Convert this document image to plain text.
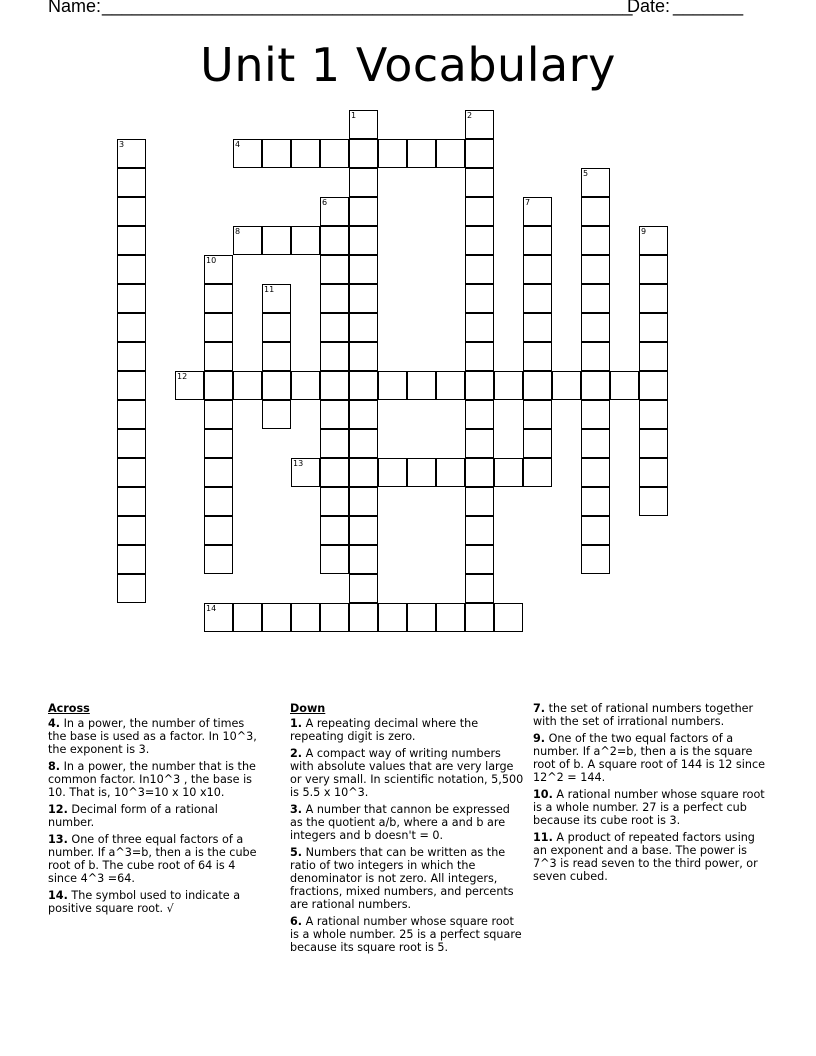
Name: _____________________________________________________
Date: _______
Unit 1 Vocabulary
1	2
3	4
5
6	7
8	9
10
11
12
13
14
Across
4. In a power, the number of times the base is used as a factor. In 10^3, the exponent is 3.
8. In a power, the number that is the common factor. In10^3 , the base is 10. That is, 10^3=10 x 10 x10.
12. Decimal form of a rational number.
13. One of three equal factors of a number. If a^3=b, then a is the cube root of b. The cube root of 64 is 4 since 4^3 =64.
14. The symbol used to indicate a positive square root. √
Down
1. A repeating decimal where the repeating digit is zero.
2. A compact way of writing numbers with absolute values that are very large or very small. In scientific notation, 5,500 is 5.5 x 10^3.
3. A number that cannon be expressed as the quotient a/b, where a and b are integers and b doesn't = 0.
5. Numbers that can be written as the ratio of two integers in which the denominator is not zero. All integers, fractions, mixed numbers, and percents are rational numbers.
6. A rational number whose square root is a whole number. 25 is a perfect square because its square root is 5.
7. the set of rational numbers together with the set of irrational numbers.
9. One of the two equal factors of a number. If a^2=b, then a is the square root of b. A square root of 144 is 12 since 12^2 = 144.
10. A rational number whose square root is a whole number. 27 is a perfect cub because its cube root is 3.
11. A product of repeated factors using an exponent and a base. The power is 7^3 is read seven to the third power, or seven cubed.
